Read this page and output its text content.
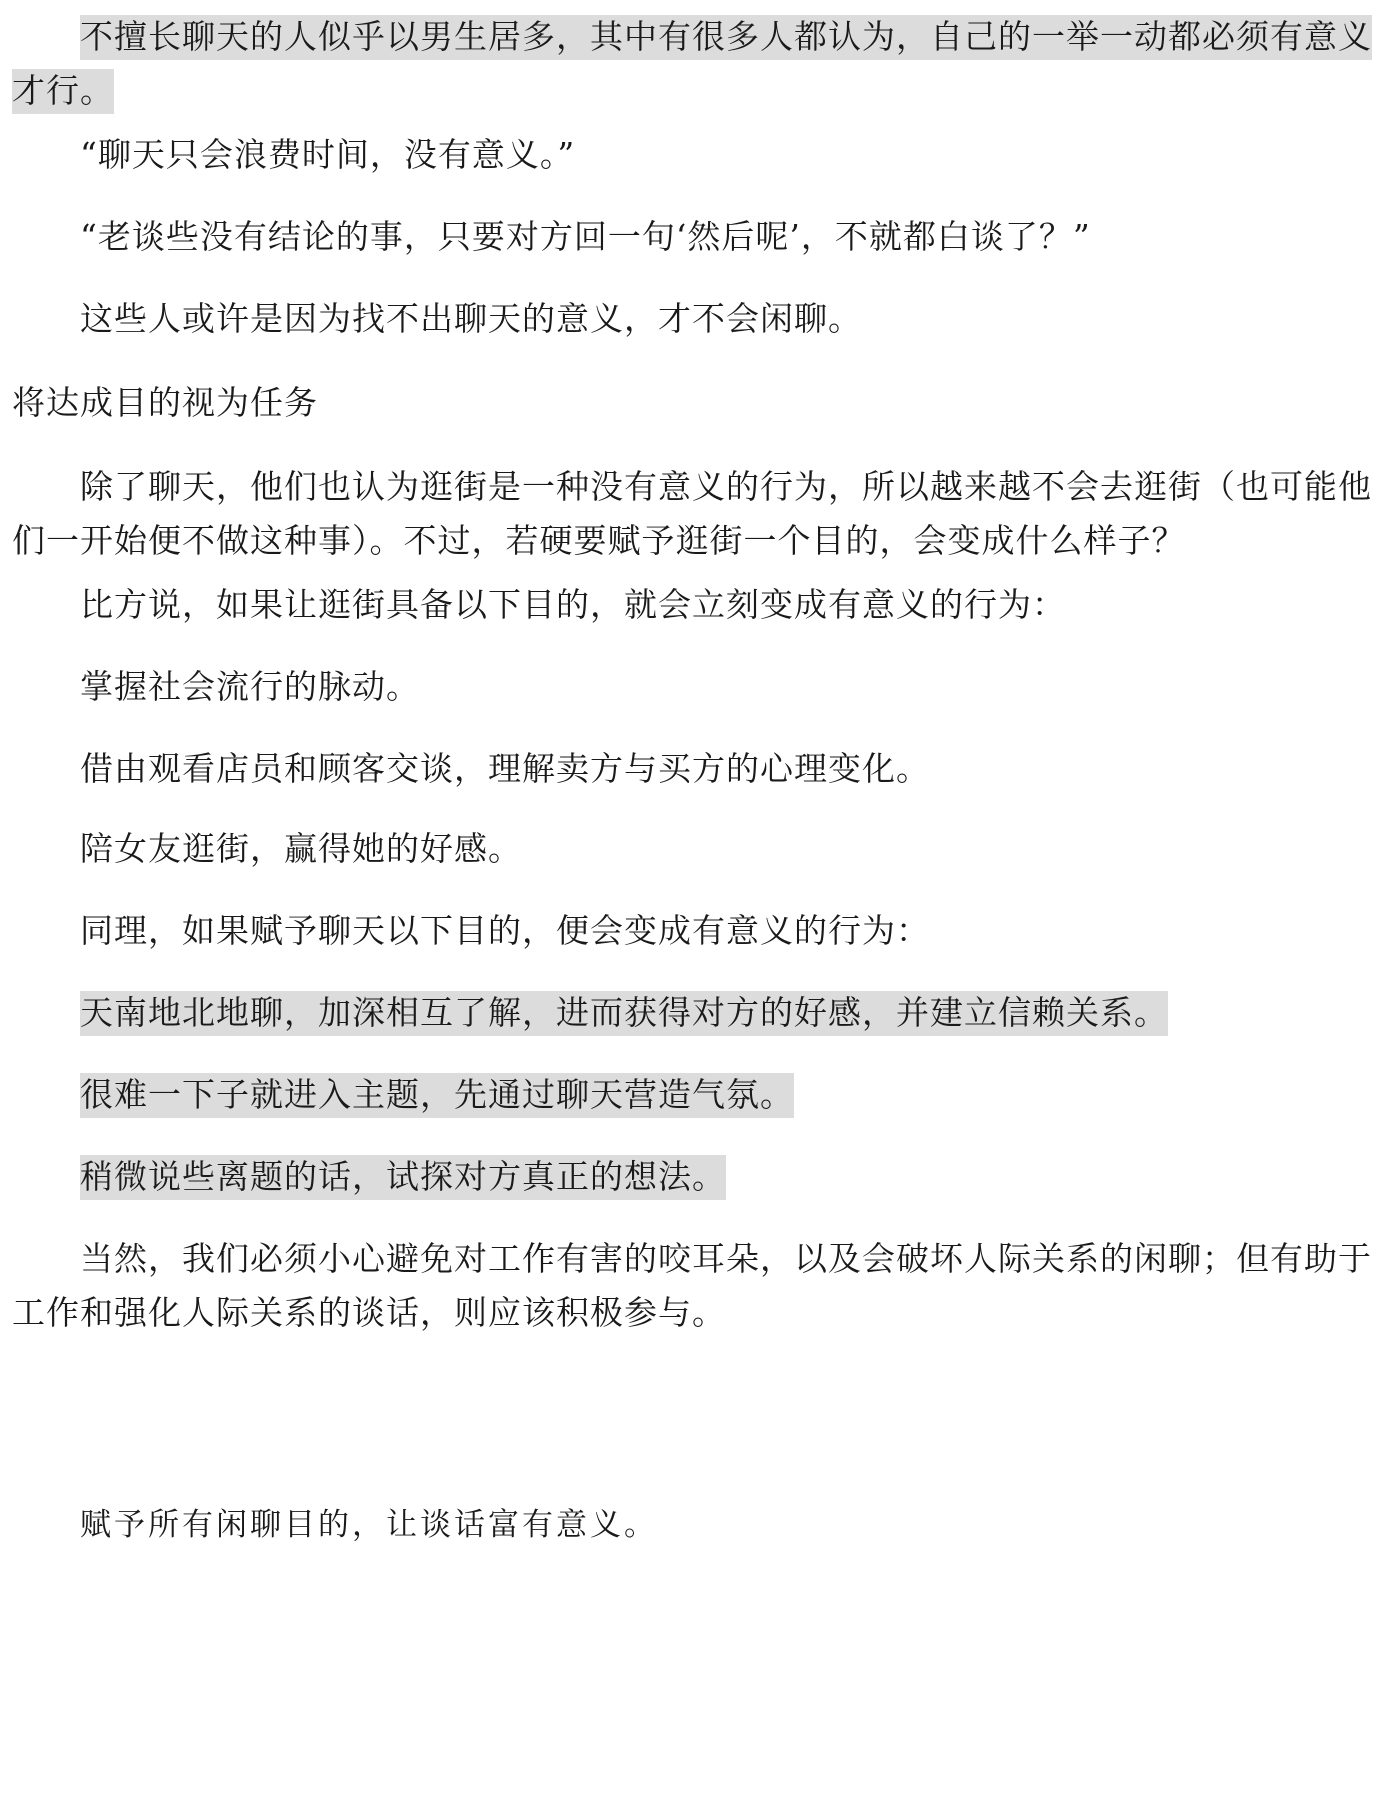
不擅长聊天的人似乎以男生居多，其中有很多人都认为，自己的一举一动都必须有意义才行。

“聊天只会浪费时间，没有意义。”

“老谈些没有结论的事，只要对方回一句‘然后呢’，不就都白谈了？”

这些人或许是因为找不出聊天的意义，才不会闲聊。

将达成目的视为任务

除了聊天，他们也认为逛街是一种没有意义的行为，所以越来越不会去逛街（也可能他们一开始便不做这种事）。不过，若硬要赋予逛街一个目的，会变成什么样子？

比方说，如果让逛街具备以下目的，就会立刻变成有意义的行为：

掌握社会流行的脉动。

借由观看店员和顾客交谈，理解卖方与买方的心理变化。

陪女友逛街，赢得她的好感。

同理，如果赋予聊天以下目的，便会变成有意义的行为：

天南地北地聊，加深相互了解，进而获得对方的好感，并建立信赖关系。

很难一下子就进入主题，先通过聊天营造气氛。

稍微说些离题的话，试探对方真正的想法。

当然，我们必须小心避免对工作有害的咬耳朵，以及会破坏人际关系的闲聊；但有助于工作和强化人际关系的谈话，则应该积极参与。

赋予所有闲聊目的，让谈话富有意义。
